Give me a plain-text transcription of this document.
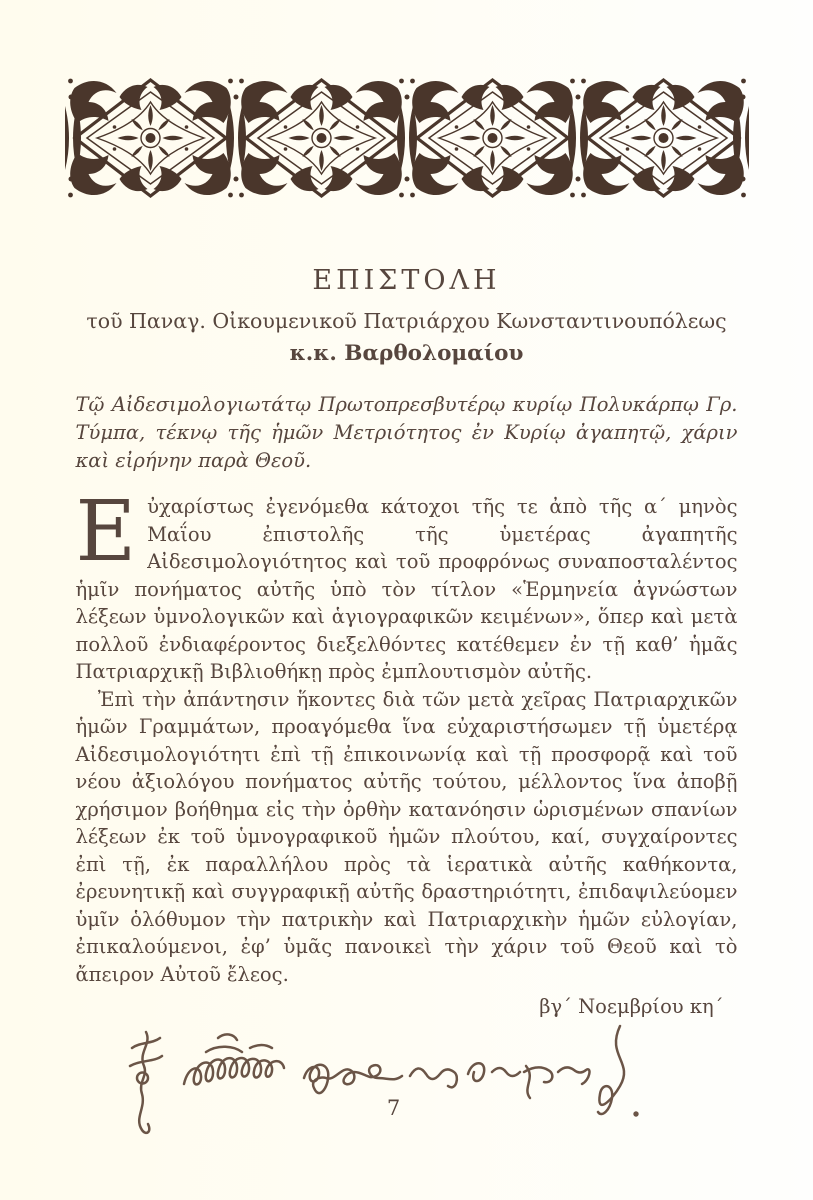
ΕΠΙΣΤΟΛΗ
τοῦ Παναγ. Οἰκουμενικοῦ Πατριάρχου Κωνσταντινουπόλεως
κ.κ. Βαρθολομαίου

Τῷ Αἰδεσιμολογιωτάτῳ Πρωτοπρεσβυτέρῳ κυρίῳ Πολυκάρπῳ Γρ. Τύμπα, τέκνῳ τῆς ἡμῶν Μετριότητος ἐν Κυρίῳ ἀγαπητῷ, χάριν καὶ εἰρήνην παρὰ Θεοῦ.

Εὐχαρίστως ἐγενόμεθα κάτοχοι τῆς τε ἀπὸ τῆς α´ μηνὸς Μαΐου ἐπιστολῆς τῆς ὑμετέρας ἀγαπητῆς Αἰδεσιμολογιότητος καὶ τοῦ προφρόνως συναποσταλέντος ἡμῖν πονήματος αὐτῆς ὑπὸ τὸν τίτλον «Ἑρμηνεία ἀγνώστων λέξεων ὑμνολογικῶν καὶ ἁγιογραφικῶν κειμένων», ὅπερ καὶ μετὰ πολλοῦ ἐνδιαφέροντος διεξελθόντες κατέθεμεν ἐν τῇ καθ’ ἡμᾶς Πατριαρχικῇ Βιβλιοθήκῃ πρὸς ἐμπλουτισμὸν αὐτῆς.

Ἐπὶ τὴν ἀπάντησιν ἥκοντες διὰ τῶν μετὰ χεῖρας Πατριαρχικῶν ἡμῶν Γραμμάτων, προαγόμεθα ἵνα εὐχαριστήσωμεν τῇ ὑμετέρᾳ Αἰδεσιμολογιότητι ἐπὶ τῇ ἐπικοινωνίᾳ καὶ τῇ προσφορᾷ καὶ τοῦ νέου ἀξιολόγου πονήματος αὐτῆς τούτου, μέλλοντος ἵνα ἀποβῇ χρήσιμον βοήθημα εἰς τὴν ὀρθὴν κατανόησιν ὡρισμένων σπανίων λέξεων ἐκ τοῦ ὑμνογραφικοῦ ἡμῶν πλούτου, καί, συγχαίροντες ἐπὶ τῇ, ἐκ παραλλήλου πρὸς τὰ ἱερατικὰ αὐτῆς καθήκοντα, ἐρευνητικῇ καὶ συγγραφικῇ αὐτῆς δραστηριότητι, ἐπιδαψιλεύομεν ὑμῖν ὁλόθυμον τὴν πατρικὴν καὶ Πατριαρχικὴν ἡμῶν εὐλογίαν, ἐπικαλούμενοι, ἐφ’ ὑμᾶς πανοικεὶ τὴν χάριν τοῦ Θεοῦ καὶ τὸ ἄπειρον Αὐτοῦ ἔλεος.

βγ´ Νοεμβρίου κη´
7
